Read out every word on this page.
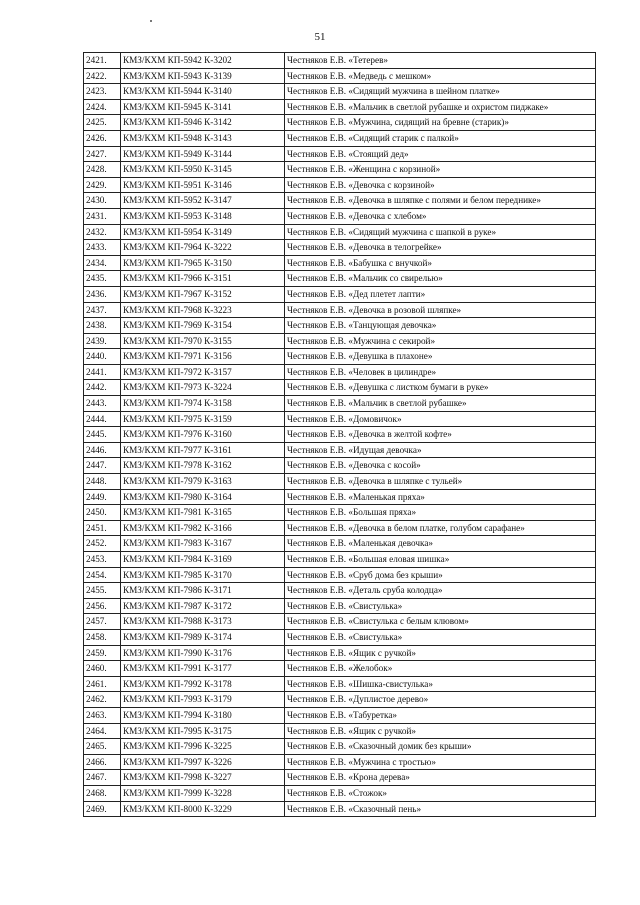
51
2421.	КМЗ/КХМ КП-5942 К-3202	Честняков Е.В. «Тетерев»
2422.	КМЗ/КХМ КП-5943 К-3139	Честняков Е.В. «Медведь с мешком»
2423.	КМЗ/КХМ КП-5944 К-3140	Честняков Е.В. «Сидящий мужчина в шейном платке»
2424.	КМЗ/КХМ КП-5945 К-3141	Честняков Е.В. «Мальчик в светлой рубашке и охристом пиджаке»
2425.	КМЗ/КХМ КП-5946 К-3142	Честняков Е.В. «Мужчина, сидящий на бревне (старик)»
2426.	КМЗ/КХМ КП-5948 К-3143	Честняков Е.В. «Сидящий старик с палкой»
2427.	КМЗ/КХМ КП-5949 К-3144	Честняков Е.В. «Стоящий дед»
2428.	КМЗ/КХМ КП-5950 К-3145	Честняков Е.В. «Женщина с корзиной»
2429.	КМЗ/КХМ КП-5951 К-3146	Честняков Е.В. «Девочка с корзиной»
2430.	КМЗ/КХМ КП-5952 К-3147	Честняков Е.В. «Девочка в шляпке с полями и белом переднике»
2431.	КМЗ/КХМ КП-5953 К-3148	Честняков Е.В. «Девочка с хлебом»
2432.	КМЗ/КХМ КП-5954 К-3149	Честняков Е.В. «Сидящий мужчина с шапкой в руке»
2433.	КМЗ/КХМ КП-7964 К-3222	Честняков Е.В. «Девочка в телогрейке»
2434.	КМЗ/КХМ КП-7965 К-3150	Честняков Е.В. «Бабушка с внучкой»
2435.	КМЗ/КХМ КП-7966 К-3151	Честняков Е.В. «Мальчик со свирелью»
2436.	КМЗ/КХМ КП-7967 К-3152	Честняков Е.В. «Дед плетет лапти»
2437.	КМЗ/КХМ КП-7968 К-3223	Честняков Е.В. «Девочка в розовой шляпке»
2438.	КМЗ/КХМ КП-7969 К-3154	Честняков Е.В. «Танцующая девочка»
2439.	КМЗ/КХМ КП-7970 К-3155	Честняков Е.В. «Мужчина с секирой»
2440.	КМЗ/КХМ КП-7971 К-3156	Честняков Е.В. «Девушка в плахоне»
2441.	КМЗ/КХМ КП-7972 К-3157	Честняков Е.В. «Человек в цилиндре»
2442.	КМЗ/КХМ КП-7973 К-3224	Честняков Е.В. «Девушка с листком бумаги в руке»
2443.	КМЗ/КХМ КП-7974 К-3158	Честняков Е.В. «Мальчик в светлой рубашке»
2444.	КМЗ/КХМ КП-7975 К-3159	Честняков Е.В. «Домовичок»
2445.	КМЗ/КХМ КП-7976 К-3160	Честняков Е.В. «Девочка в желтой кофте»
2446.	КМЗ/КХМ КП-7977 К-3161	Честняков Е.В. «Идущая девочка»
2447.	КМЗ/КХМ КП-7978 К-3162	Честняков Е.В. «Девочка с косой»
2448.	КМЗ/КХМ КП-7979 К-3163	Честняков Е.В. «Девочка в шляпке с тульей»
2449.	КМЗ/КХМ КП-7980 К-3164	Честняков Е.В. «Маленькая пряха»
2450.	КМЗ/КХМ КП-7981 К-3165	Честняков Е.В. «Большая пряха»
2451.	КМЗ/КХМ КП-7982 К-3166	Честняков Е.В. «Девочка в белом платке, голубом сарафане»
2452.	КМЗ/КХМ КП-7983 К-3167	Честняков Е.В. «Маленькая девочка»
2453.	КМЗ/КХМ КП-7984 К-3169	Честняков Е.В. «Большая еловая шишка»
2454.	КМЗ/КХМ КП-7985 К-3170	Честняков Е.В. «Сруб дома без крыши»
2455.	КМЗ/КХМ КП-7986 К-3171	Честняков Е.В. «Деталь сруба колодца»
2456.	КМЗ/КХМ КП-7987 К-3172	Честняков Е.В. «Свистулька»
2457.	КМЗ/КХМ КП-7988 К-3173	Честняков Е.В. «Свистулька с белым клювом»
2458.	КМЗ/КХМ КП-7989 К-3174	Честняков Е.В. «Свистулька»
2459.	КМЗ/КХМ КП-7990 К-3176	Честняков Е.В. «Ящик с ручкой»
2460.	КМЗ/КХМ КП-7991 К-3177	Честняков Е.В. «Желобок»
2461.	КМЗ/КХМ КП-7992 К-3178	Честняков Е.В. «Шишка-свистулька»
2462.	КМЗ/КХМ КП-7993 К-3179	Честняков Е.В. «Дуплистое дерево»
2463.	КМЗ/КХМ КП-7994 К-3180	Честняков Е.В. «Табуретка»
2464.	КМЗ/КХМ КП-7995 К-3175	Честняков Е.В. «Ящик с ручкой»
2465.	КМЗ/КХМ КП-7996 К-3225	Честняков Е.В. «Сказочный домик без крыши»
2466.	КМЗ/КХМ КП-7997 К-3226	Честняков Е.В. «Мужчина с тростью»
2467.	КМЗ/КХМ КП-7998 К-3227	Честняков Е.В. «Крона дерева»
2468.	КМЗ/КХМ КП-7999 К-3228	Честняков Е.В. «Стожок»
2469.	КМЗ/КХМ КП-8000 К-3229	Честняков Е.В. «Сказочный пень»
